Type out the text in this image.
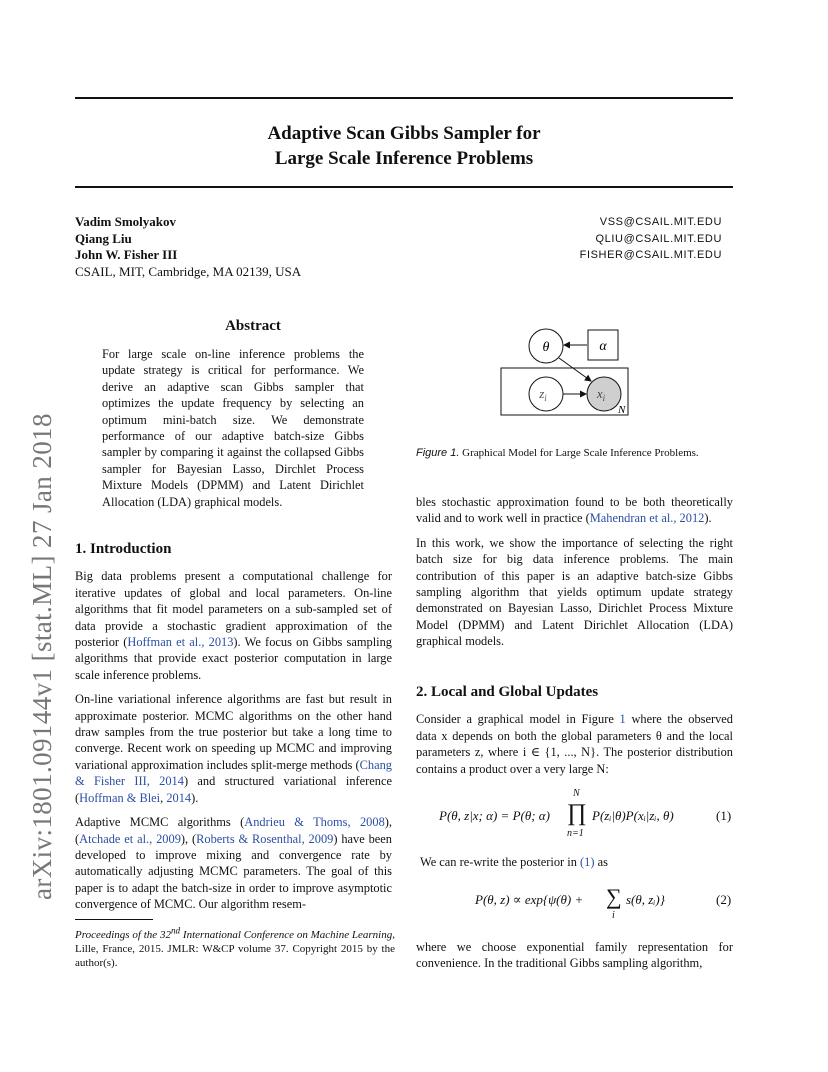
Adaptive Scan Gibbs Sampler for
Large Scale Inference Problems
Vadim Smolyakov
Qiang Liu
John W. Fisher III
CSAIL, MIT, Cambridge, MA 02139, USA
VSS@CSAIL.MIT.EDU
QLIU@CSAIL.MIT.EDU
FISHER@CSAIL.MIT.EDU
arXiv:1801.09144v1 [stat.ML] 27 Jan 2018
Abstract
For large scale on-line inference problems the update strategy is critical for performance. We derive an adaptive scan Gibbs sampler that optimizes the update frequency by selecting an optimum mini-batch size. We demonstrate performance of our adaptive batch-size Gibbs sampler by comparing it against the collapsed Gibbs sampler for Bayesian Lasso, Dirchlet Process Mixture Models (DPMM) and Latent Dirichlet Allocation (LDA) graphical models.
1. Introduction

Big data problems present a computational challenge for iterative updates of global and local parameters. On-line algorithms that fit model parameters on a sub-sampled set of data provide a stochastic gradient approximation of the posterior (Hoffman et al., 2013). We focus on Gibbs sampling algorithms that provide exact posterior computation in large scale inference problems.

On-line variational inference algorithms are fast but result in approximate posterior. MCMC algorithms on the other hand draw samples from the true posterior but take a long time to converge. Recent work on speeding up MCMC and improving variational approximation includes split-merge methods (Chang & Fisher III, 2014) and structured variational inference (Hoffman & Blei, 2014).

Adaptive MCMC algorithms (Andrieu & Thoms, 2008), (Atchade et al., 2009), (Roberts & Rosenthal, 2009) have been developed to improve mixing and convergence rate by automatically adjusting MCMC parameters. The goal of this paper is to adapt the batch-size in order to improve asymptotic convergence of MCMC. Our algorithm resem-

Proceedings of the 32nd International Conference on Machine Learning, Lille, France, 2015. JMLR: W&CP volume 37. Copyright 2015 by the author(s).
θ	α
$z_i$	$x_i$
N
Figure 1. Graphical Model for Large Scale Inference Problems.

bles stochastic approximation found to be both theoretically valid and to work well in practice (Mahendran et al., 2012).

In this work, we show the importance of selecting the right batch size for big data inference problems. The main contribution of this paper is an adaptive batch-size Gibbs sampling algorithm that yields optimum update strategy demonstrated on Bayesian Lasso, Dirichlet Process Mixture Model (DPMM) and Latent Dirichlet Allocation (LDA) graphical models.

2. Local and Global Updates

Consider a graphical model in Figure 1 where the observed data x depends on both the global parameters θ and the local parameters z, where i ∈ {1, ..., N}. The posterior distribution contains a product over a very large N:

P(θ, z|x; α) = P(θ; α) ∏
N
n=1
P(zᵢ|θ)P(xᵢ|zᵢ, θ)	(1)
We can re-write the posterior in (1) as
P(θ, z) ∝ exp{ψ(θ) + ∑
i
s(θ, zᵢ)}	(2)
where we choose exponential family representation for convenience. In the traditional Gibbs sampling algorithm,
